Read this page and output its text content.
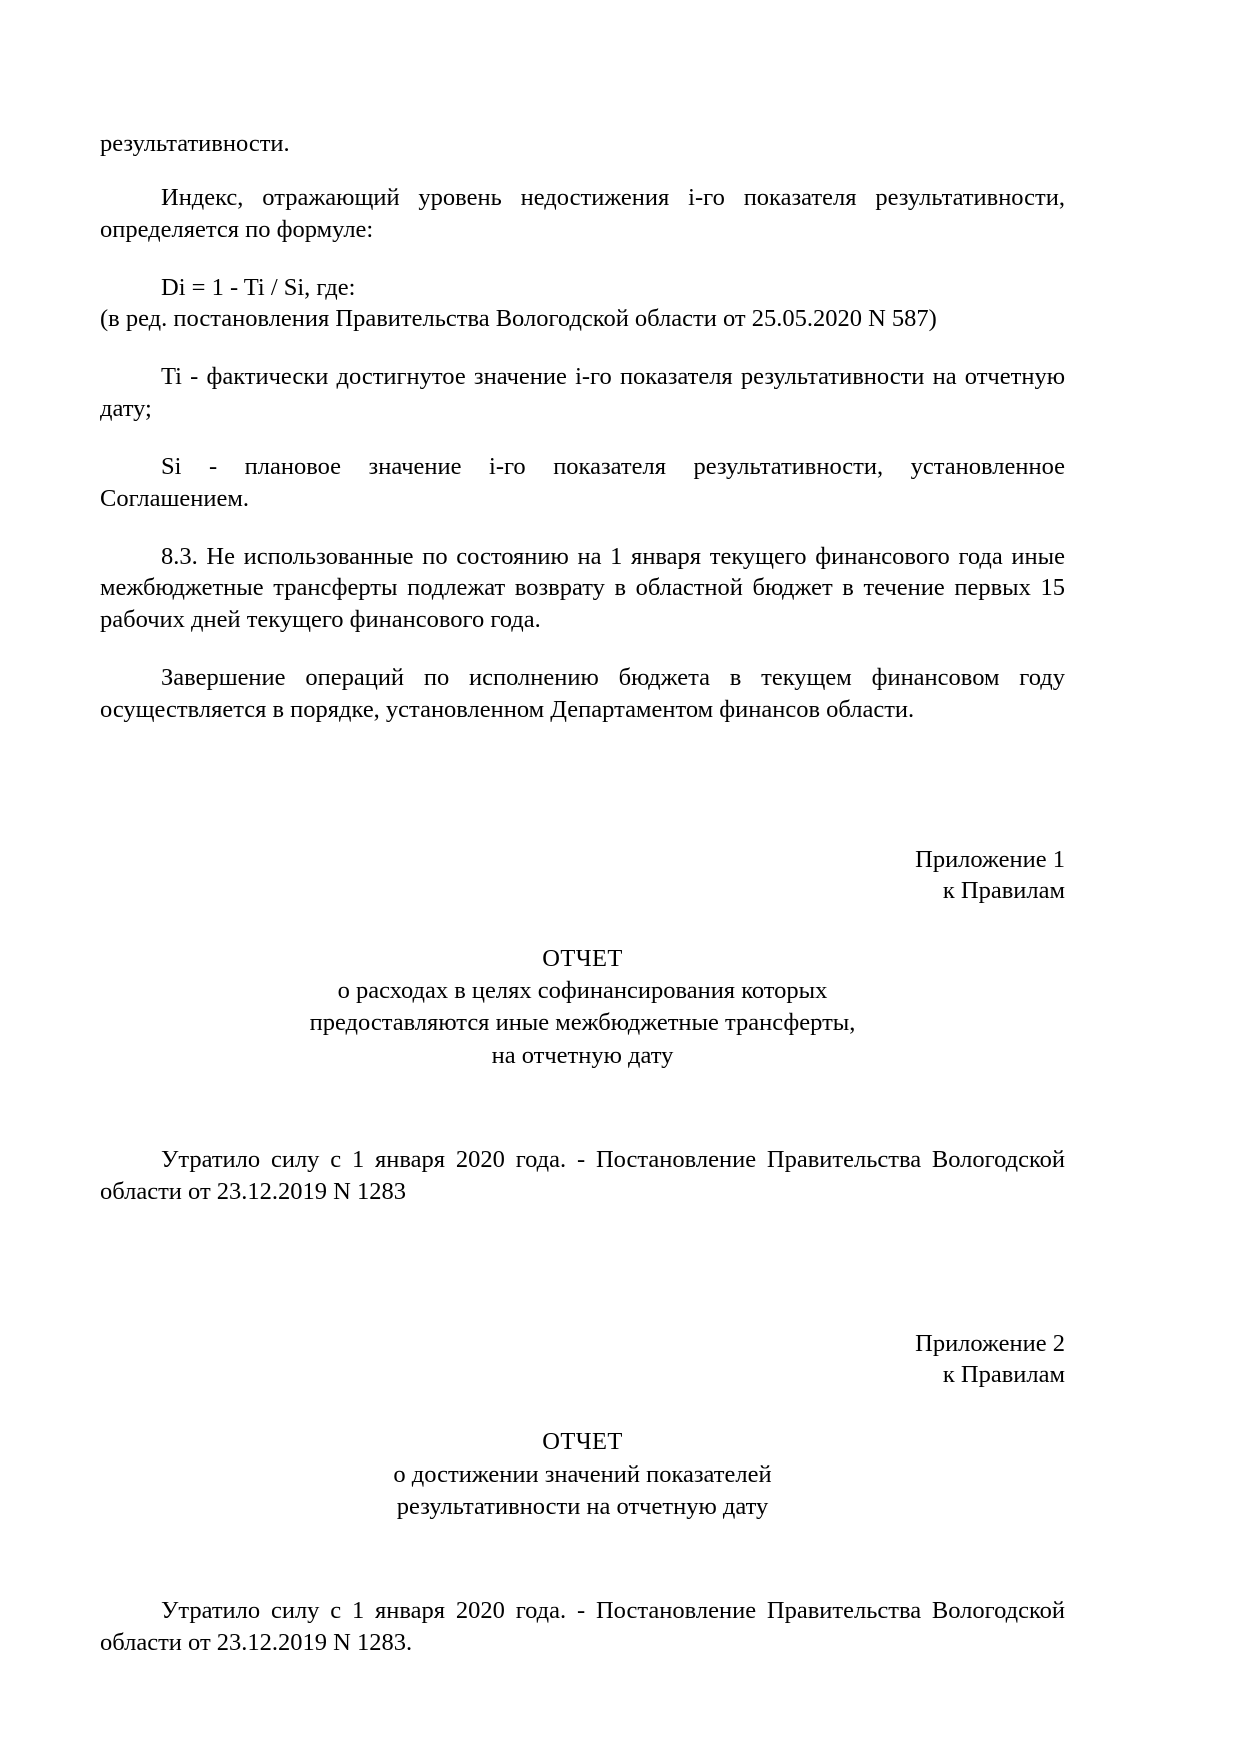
результативности.

Индекс, отражающий уровень недостижения i-го показателя результативности, определяется по формуле:

Di = 1 - Ti / Si, где:

(в ред. постановления Правительства Вологодской области от 25.05.2020 N 587)

Ti - фактически достигнутое значение i-го показателя результативности на отчетную дату;

Si - плановое значение i-го показателя результативности, установленное Соглашением.

8.3. Не использованные по состоянию на 1 января текущего финансового года иные межбюджетные трансферты подлежат возврату в областной бюджет в течение первых 15 рабочих дней текущего финансового года.

Завершение операций по исполнению бюджета в текущем финансовом году осуществляется в порядке, установленном Департаментом финансов области.

Приложение 1
к Правилам
ОТЧЕТ
о расходах в целях софинансирования которых
предоставляются иные межбюджетные трансферты,
на отчетную дату

Утратило силу с 1 января 2020 года. - Постановление Правительства Вологодской области от 23.12.2019 N 1283

Приложение 2
к Правилам
ОТЧЕТ
о достижении значений показателей
результативности на отчетную дату

Утратило силу с 1 января 2020 года. - Постановление Правительства Вологодской области от 23.12.2019 N 1283.
